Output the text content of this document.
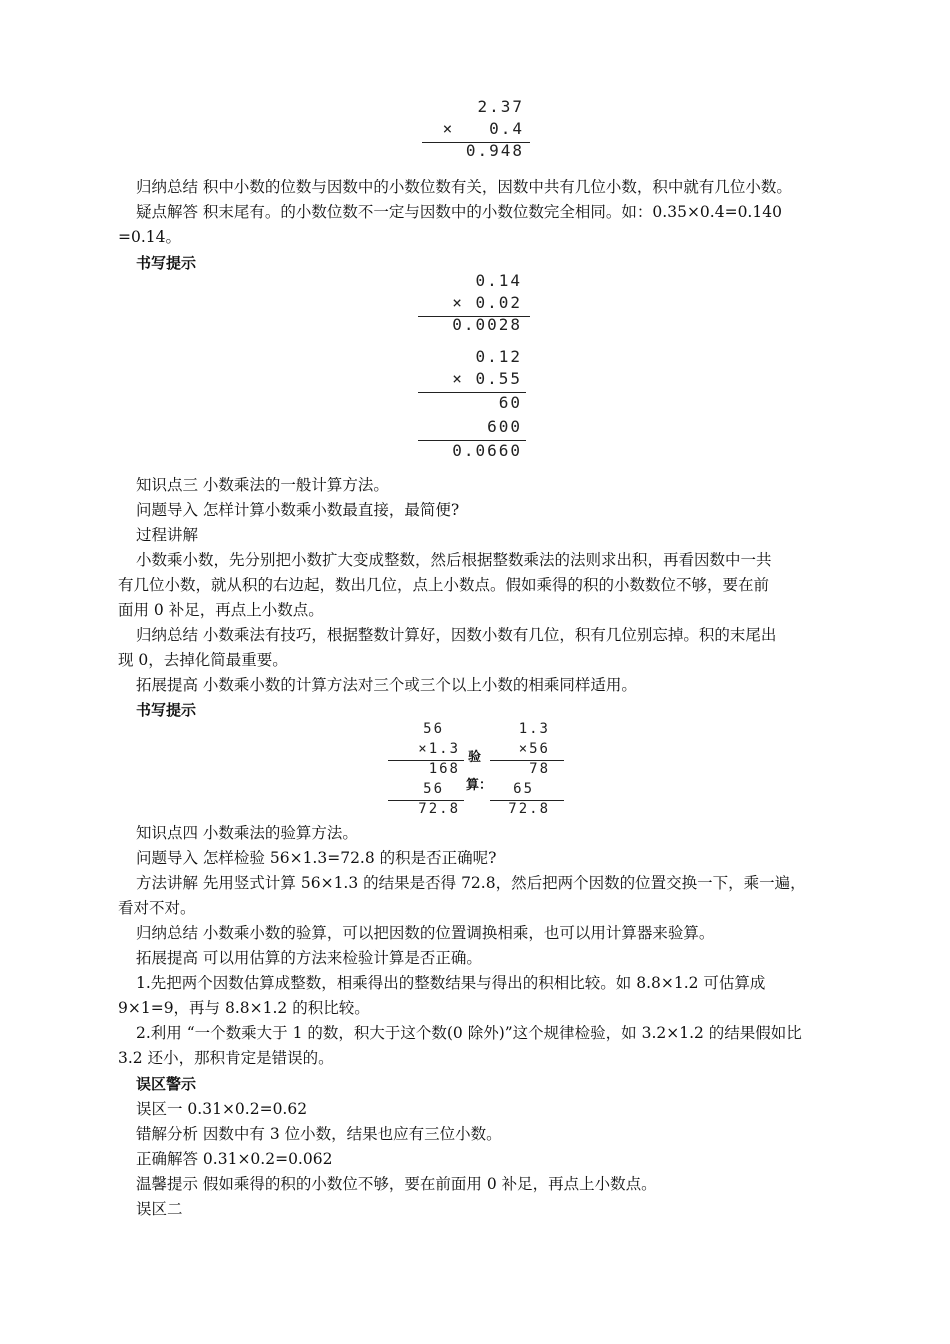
2.37
×   0.4
0.948
归纳总结 积中小数的位数与因数中的小数位数有关，因数中共有几位小数，积中就有几位小数。
疑点解答 积末尾有。的小数位数不一定与因数中的小数位数完全相同。如：0.35×0.4=0.140
=0.14。
书写提示
0.14
× 0.02
0.0028
0.12
× 0.55
60
600
0.0660
知识点三 小数乘法的一般计算方法。
问题导入 怎样计算小数乘小数最直接，最简便?
过程讲解
小数乘小数，先分别把小数扩大变成整数，然后根据整数乘法的法则求出积，再看因数中一共
有几位小数，就从积的右边起，数出几位，点上小数点。假如乘得的积的小数数位不够，要在前
面用 0 补足，再点上小数点。
归纳总结 小数乘法有技巧，根据整数计算好，因数小数有几位，积有几位别忘掉。积的末尾出
现 0，去掉化简最重要。
拓展提高 小数乘小数的计算方法对三个或三个以上小数的相乘同样适用。
书写提示
56
×1.3
168
56
72.8
验
算：
1.3
×56
78
65
72.8
知识点四 小数乘法的验算方法。
问题导入 怎样检验 56×1.3=72.8 的积是否正确呢?
方法讲解 先用竖式计算 56×1.3 的结果是否得 72.8，然后把两个因数的位置交换一下，乘一遍，
看对不对。
归纳总结 小数乘小数的验算，可以把因数的位置调换相乘，也可以用计算器来验算。
拓展提高 可以用估算的方法来检验计算是否正确。
1.先把两个因数估算成整数，相乘得出的整数结果与得出的积相比较。如 8.8×1.2 可估算成
9×1=9，再与 8.8×1.2 的积比较。
2.利用 “一个数乘大于 1 的数，积大于这个数(0 除外)”这个规律检验，如 3.2×1.2 的结果假如比
3.2 还小，那积肯定是错误的。
误区警示
误区一 0.31×0.2=0.62
错解分析 因数中有 3 位小数，结果也应有三位小数。
正确解答 0.31×0.2=0.062
温馨提示 假如乘得的积的小数位不够，要在前面用 0 补足，再点上小数点。
误区二
